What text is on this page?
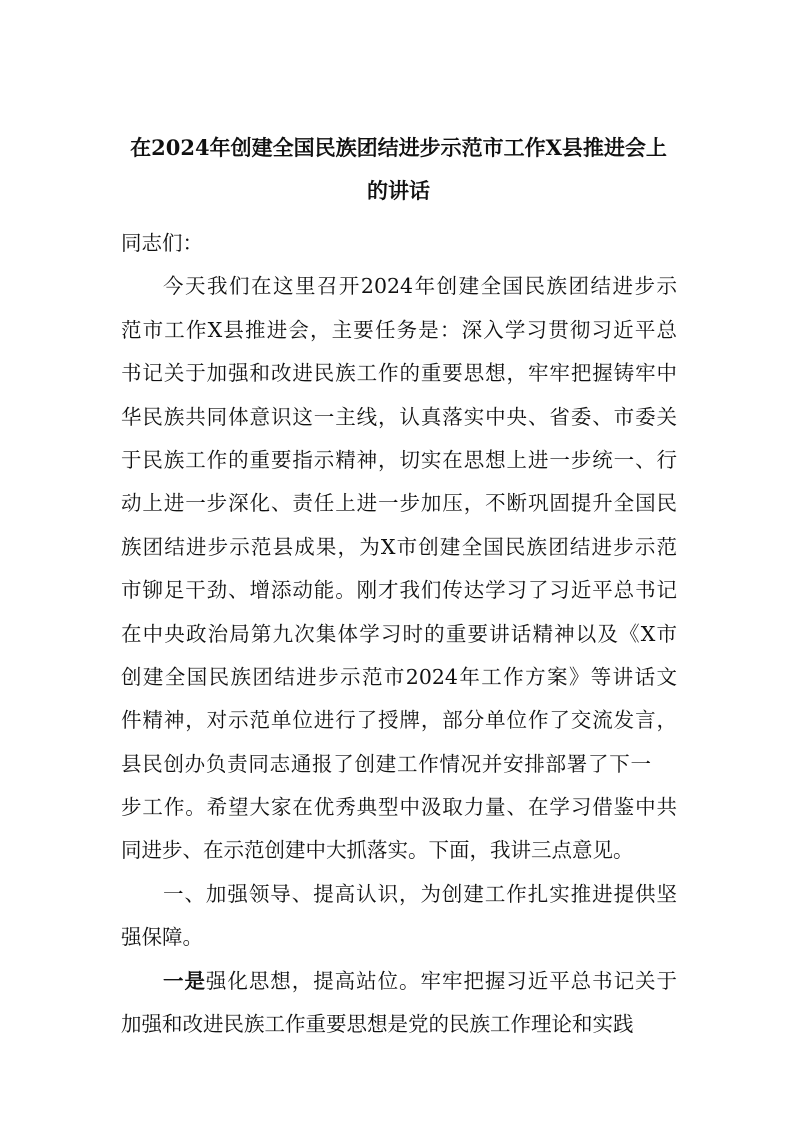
在2024年创建全国民族团结进步示范市工作X县推进会上
的讲话
同志们：
今天我们在这里召开2024年创建全国民族团结进步示
范市工作X县推进会，主要任务是：深入学习贯彻习近平总
书记关于加强和改进民族工作的重要思想，牢牢把握铸牢中
华民族共同体意识这一主线，认真落实中央、省委、市委关
于民族工作的重要指示精神，切实在思想上进一步统一、行
动上进一步深化、责任上进一步加压，不断巩固提升全国民
族团结进步示范县成果，为X市创建全国民族团结进步示范
市铆足干劲、增添动能。刚才我们传达学习了习近平总书记
在中央政治局第九次集体学习时的重要讲话精神以及《X市
创建全国民族团结进步示范市2024年工作方案》等讲话文
件精神，对示范单位进行了授牌，部分单位作了交流发言，
县民创办负责同志通报了创建工作情况并安排部署了下一
步工作。希望大家在优秀典型中汲取力量、在学习借鉴中共
同进步、在示范创建中大抓落实。下面，我讲三点意见。
一、加强领导、提高认识，为创建工作扎实推进提供坚
强保障。
一是强化思想，提高站位。牢牢把握习近平总书记关于
加强和改进民族工作重要思想是党的民族工作理论和实践
